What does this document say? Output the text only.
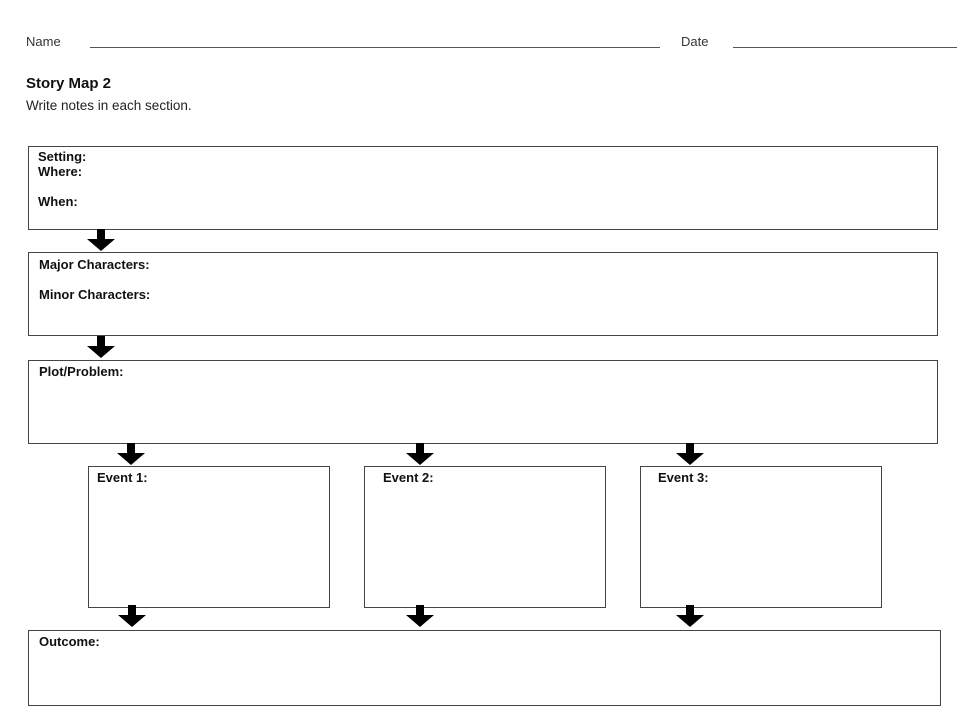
Name	Date
Story Map 2
Write notes in each section.
Setting:
Where:
When:
Major Characters:
Minor Characters:
Plot/Problem:
Event 1:	Event 2:	Event 3:
Outcome:
